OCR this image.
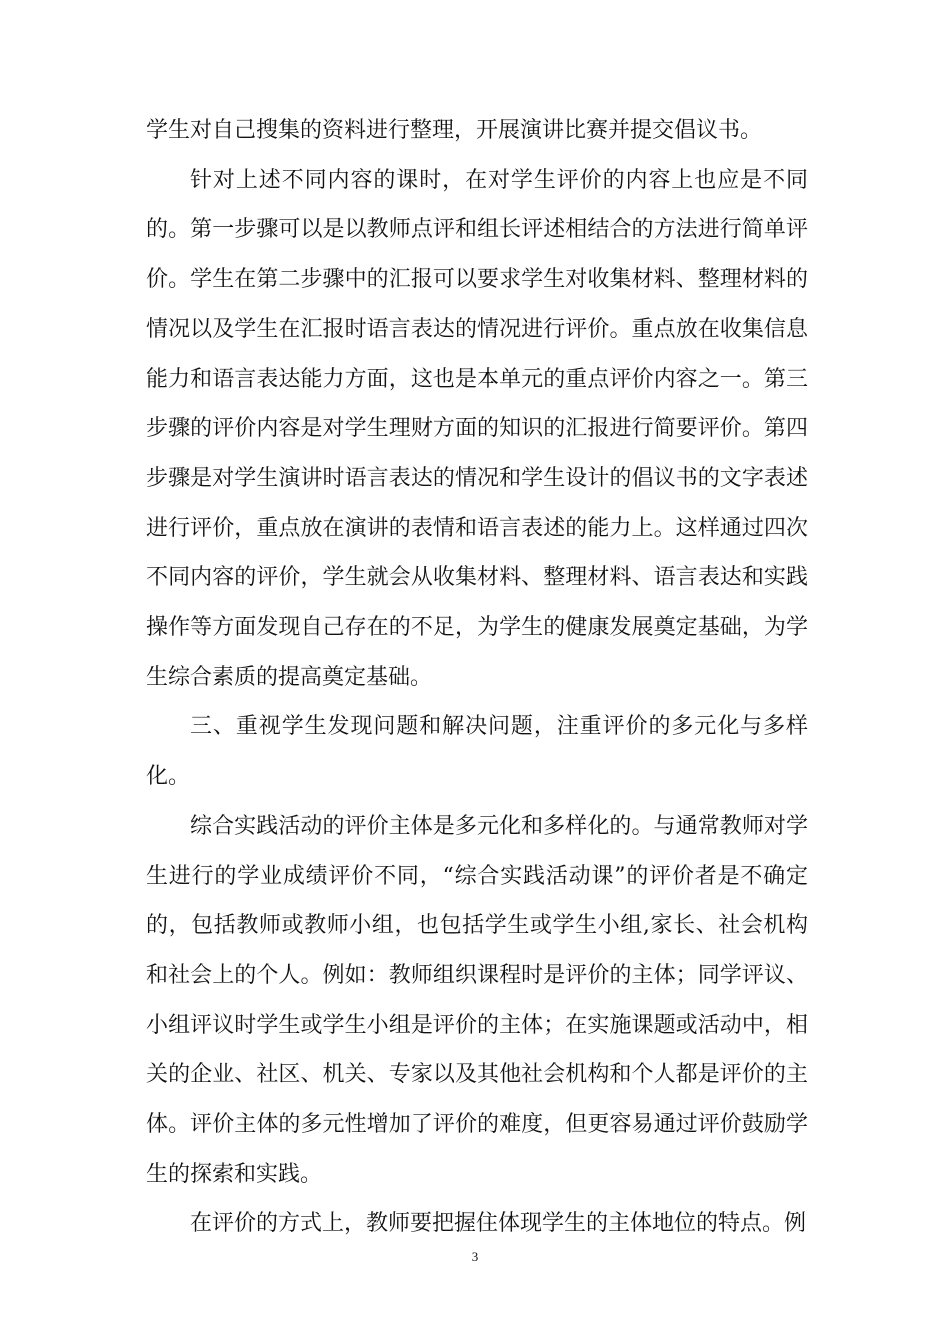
学生对自己搜集的资料进行整理，开展演讲比赛并提交倡议书。

针对上述不同内容的课时，在对学生评价的内容上也应是不同的。第一步骤可以是以教师点评和组长评述相结合的方法进行简单评价。学生在第二步骤中的汇报可以要求学生对收集材料、整理材料的情况以及学生在汇报时语言表达的情况进行评价。重点放在收集信息能力和语言表达能力方面，这也是本单元的重点评价内容之一。第三步骤的评价内容是对学生理财方面的知识的汇报进行简要评价。第四步骤是对学生演讲时语言表达的情况和学生设计的倡议书的文字表述进行评价，重点放在演讲的表情和语言表述的能力上。这样通过四次不同内容的评价，学生就会从收集材料、整理材料、语言表达和实践操作等方面发现自己存在的不足，为学生的健康发展奠定基础，为学生综合素质的提高奠定基础。

三、重视学生发现问题和解决问题，注重评价的多元化与多样化。

综合实践活动的评价主体是多元化和多样化的。与通常教师对学生进行的学业成绩评价不同，“综合实践活动课”的评价者是不确定的，包括教师或教师小组，也包括学生或学生小组,家长、社会机构和社会上的个人。例如：教师组织课程时是评价的主体；同学评议、小组评议时学生或学生小组是评价的主体；在实施课题或活动中，相关的企业、社区、机关、专家以及其他社会机构和个人都是评价的主体。评价主体的多元性增加了评价的难度，但更容易通过评价鼓励学生的探索和实践。

在评价的方式上，教师要把握住体现学生的主体地位的特点。例

3
